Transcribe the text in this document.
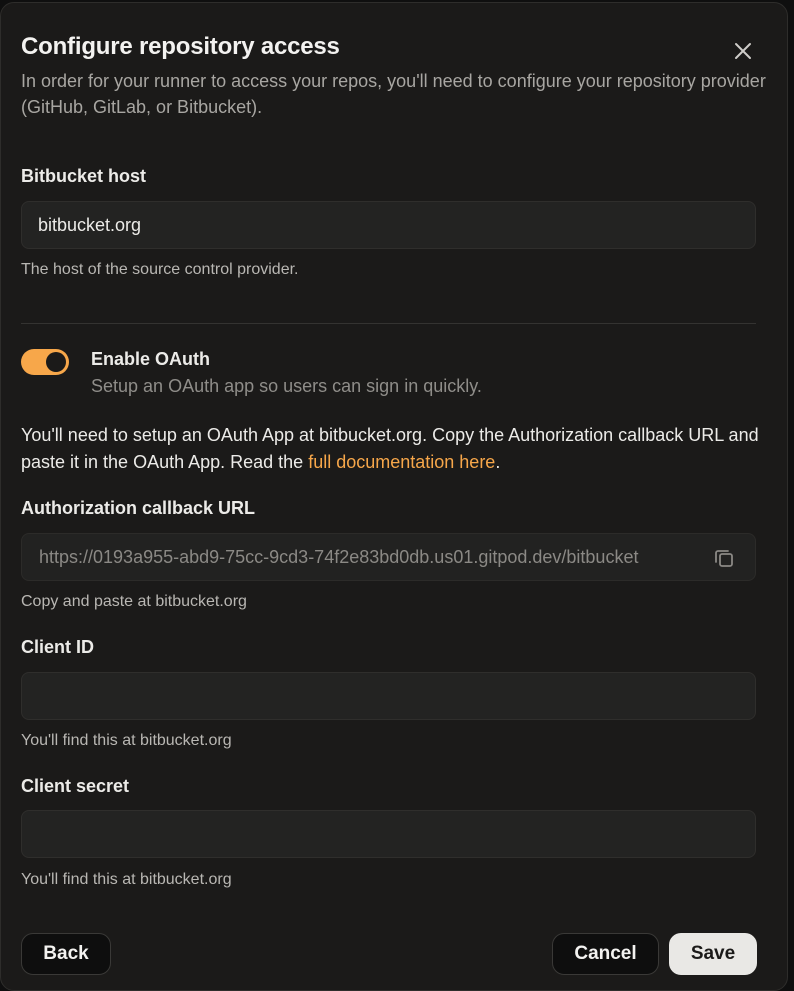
Configure repository access

In order for your runner to access your repos, you'll need to configure your repository provider (GitHub, GitLab, or Bitbucket).

Bitbucket host
bitbucket.org
The host of the source control provider.
Enable OAuth
Setup an OAuth app so users can sign in quickly.

You'll need to setup an OAuth App at bitbucket.org. Copy the Authorization callback URL and paste it in the OAuth App. Read the full documentation here.

Authorization callback URL
https://0193a955-abd9-75cc-9cd3-74f2e83bd0db.us01.gitpod.dev/bitbucket
Copy and paste at bitbucket.org
Client ID
You'll find this at bitbucket.org
Client secret
You'll find this at bitbucket.org
Back	Cancel	Save
